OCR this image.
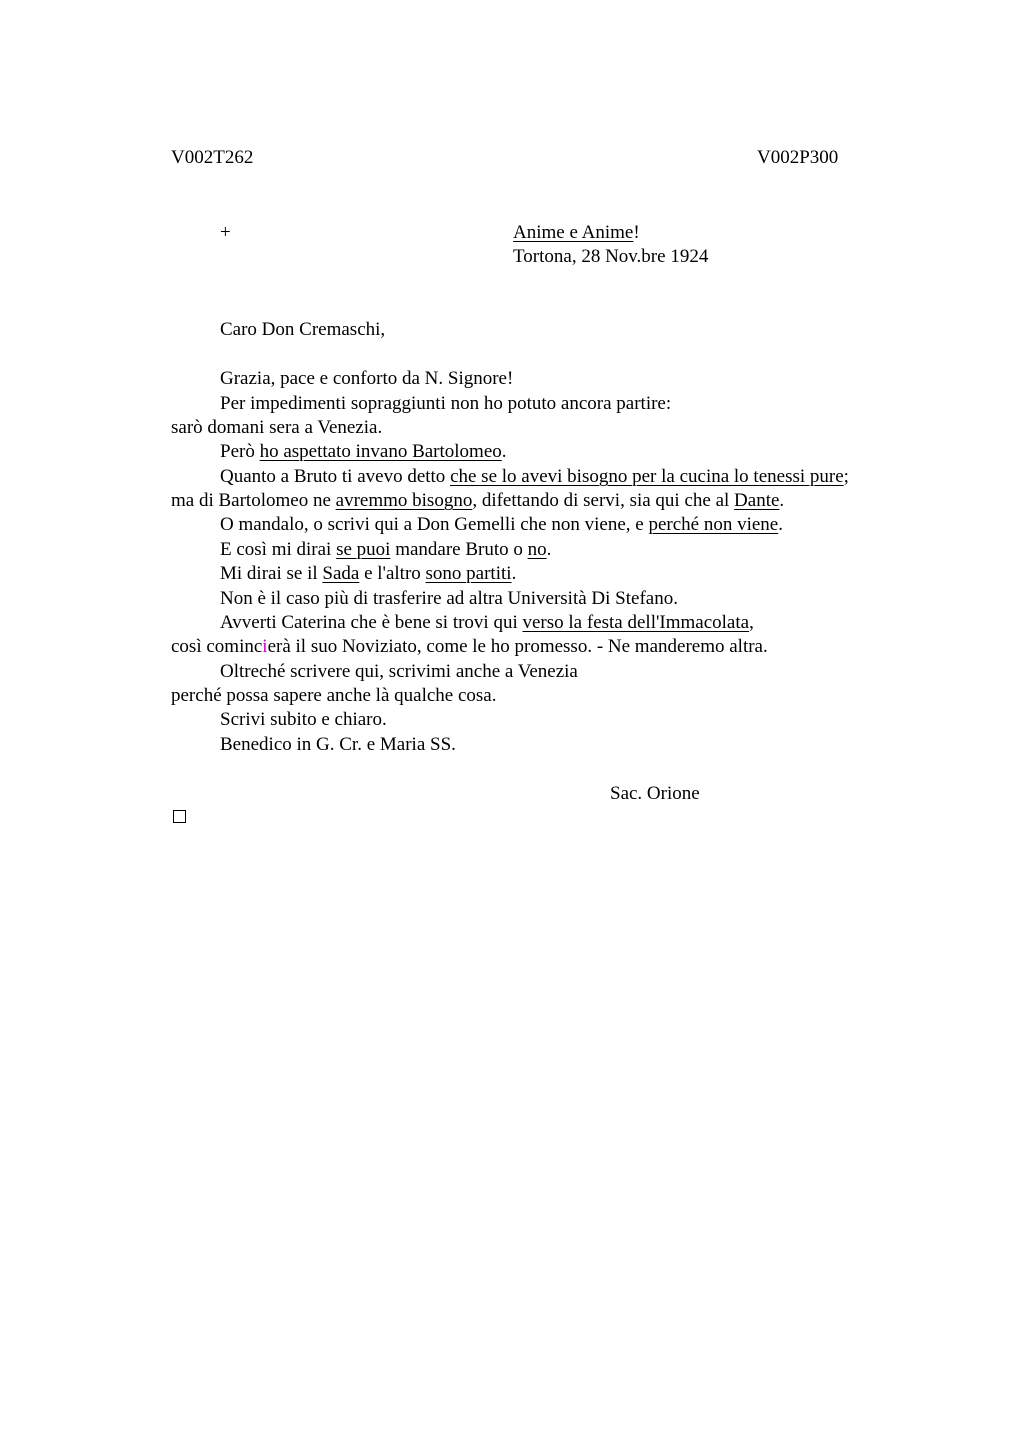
V002T262	V002P300
+	Anime e Anime!
Tortona, 28 Nov.bre 1924
Caro Don Cremaschi,
Grazia, pace e conforto da N. Signore!
Per impedimenti sopraggiunti non ho potuto ancora partire:
sarò domani sera a Venezia.
Però ho aspettato invano Bartolomeo.
Quanto a Bruto ti avevo detto che se lo avevi bisogno per la cucina lo tenessi pure;
ma di Bartolomeo ne avremmo bisogno, difettando di servi, sia qui che al Dante.
O mandalo, o scrivi qui a Don Gemelli che non viene, e perché non viene.
E così mi dirai se puoi mandare Bruto o no.
Mi dirai se il Sada e l'altro sono partiti.
Non è il caso più di trasferire ad altra Università Di Stefano.
Avverti Caterina che è bene si trovi qui verso la festa dell'Immacolata,
così comincierà il suo Noviziato, come le ho promesso. - Ne manderemo altra.
Oltreché scrivere qui, scrivimi anche a Venezia
perché possa sapere anche là qualche cosa.
Scrivi subito e chiaro.
Benedico in G. Cr. e Maria SS.
Sac. Orione
